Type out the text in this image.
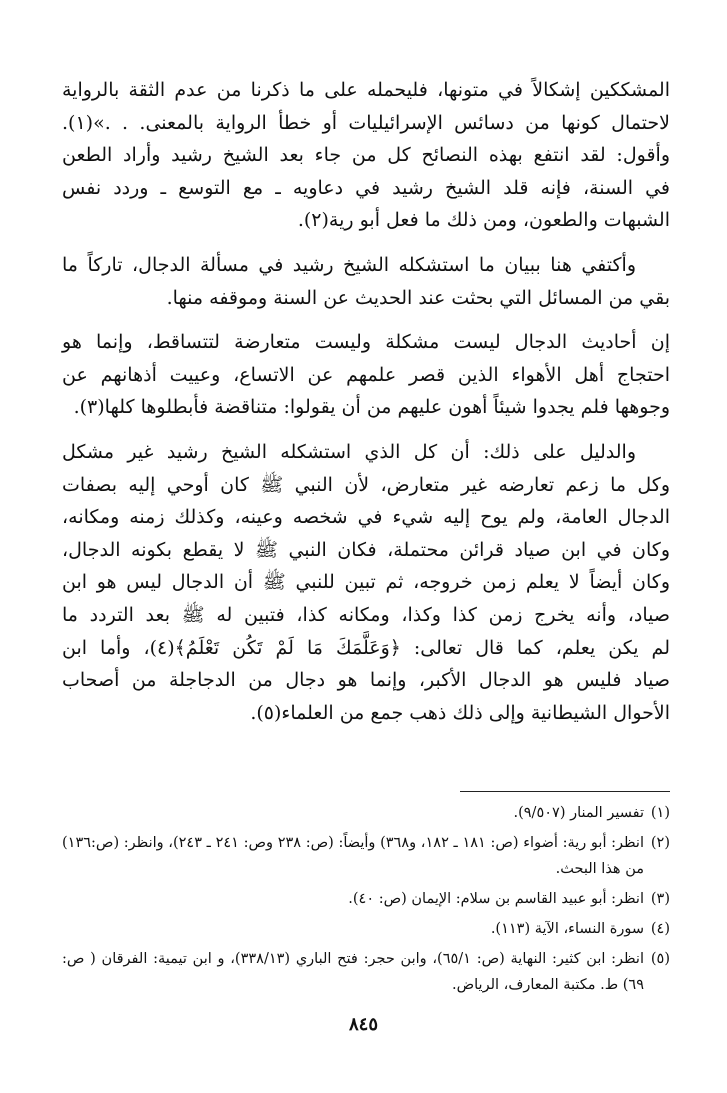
المشككين إشكالاً في متونها، فليحمله على ما ذكرنا من عدم الثقة بالرواية
لاحتمال كونها من دسائس الإسرائيليات أو خطأ الرواية بالمعنى. . .»(١).
وأقول: لقد انتفع بهذه النصائح كل من جاء بعد الشيخ رشيد وأراد الطعن
في السنة، فإنه قلد الشيخ رشيد في دعاويه ـ مع التوسع ـ وردد نفس
الشبهات والطعون، ومن ذلك ما فعل أبو رية(٢).

وأكتفي هنا ببيان ما استشكله الشيخ رشيد في مسألة الدجال، تاركاً ما
بقي من المسائل التي بحثت عند الحديث عن السنة وموقفه منها.

إن أحاديث الدجال ليست مشكلة وليست متعارضة لتتساقط، وإنما هو
احتجاج أهل الأهواء الذين قصر علمهم عن الاتساع، وعييت أذهانهم عن
وجوهها فلم يجدوا شيئاً أهون عليهم من أن يقولوا: متناقضة فأبطلوها كلها(٣).

والدليل على ذلك: أن كل الذي استشكله الشيخ رشيد غير مشكل
وكل ما زعم تعارضه غير متعارض، لأن النبي ﷺ كان أوحي إليه بصفات
الدجال العامة، ولم يوح إليه شيء في شخصه وعينه، وكذلك زمنه ومكانه،
وكان في ابن صياد قرائن محتملة، فكان النبي ﷺ لا يقطع بكونه الدجال،
وكان أيضاً لا يعلم زمن خروجه، ثم تبين للنبي ﷺ أن الدجال ليس هو ابن
صياد، وأنه يخرج زمن كذا وكذا، ومكانه كذا، فتبين له ﷺ بعد التردد ما
لم يكن يعلم، كما قال تعالى: ﴿وَعَلَّمَكَ مَا لَمْ تَكُن تَعْلَمُ﴾(٤)، وأما ابن
صياد فليس هو الدجال الأكبر، وإنما هو دجال من الدجاجلة من أصحاب
الأحوال الشيطانية وإلى ذلك ذهب جمع من العلماء(٥).

(١)
تفسير المنار (٩/٥٠٧).
(٢)
انظر: أبو رية: أضواء (ص: ١٨١ ـ ١٨٢، و٣٦٨) وأيضاً: (ص: ٢٣٨ وص: ٢٤١ ـ ٢٤٣)، وانظر: (ص:١٣٦) من هذا البحث.
(٣)
انظر: أبو عبيد القاسم بن سلام: الإيمان (ص: ٤٠).
(٤)
سورة النساء، الآية (١١٣).
(٥)
انظر: ابن كثير: النهاية (ص: ٦٥/١)، وابن حجر: فتح الباري (٣٣٨/١٣)، و ابن تيمية: الفرقان ( ص: ٦٩) ط. مكتبة المعارف، الرياض.
٨٤٥
